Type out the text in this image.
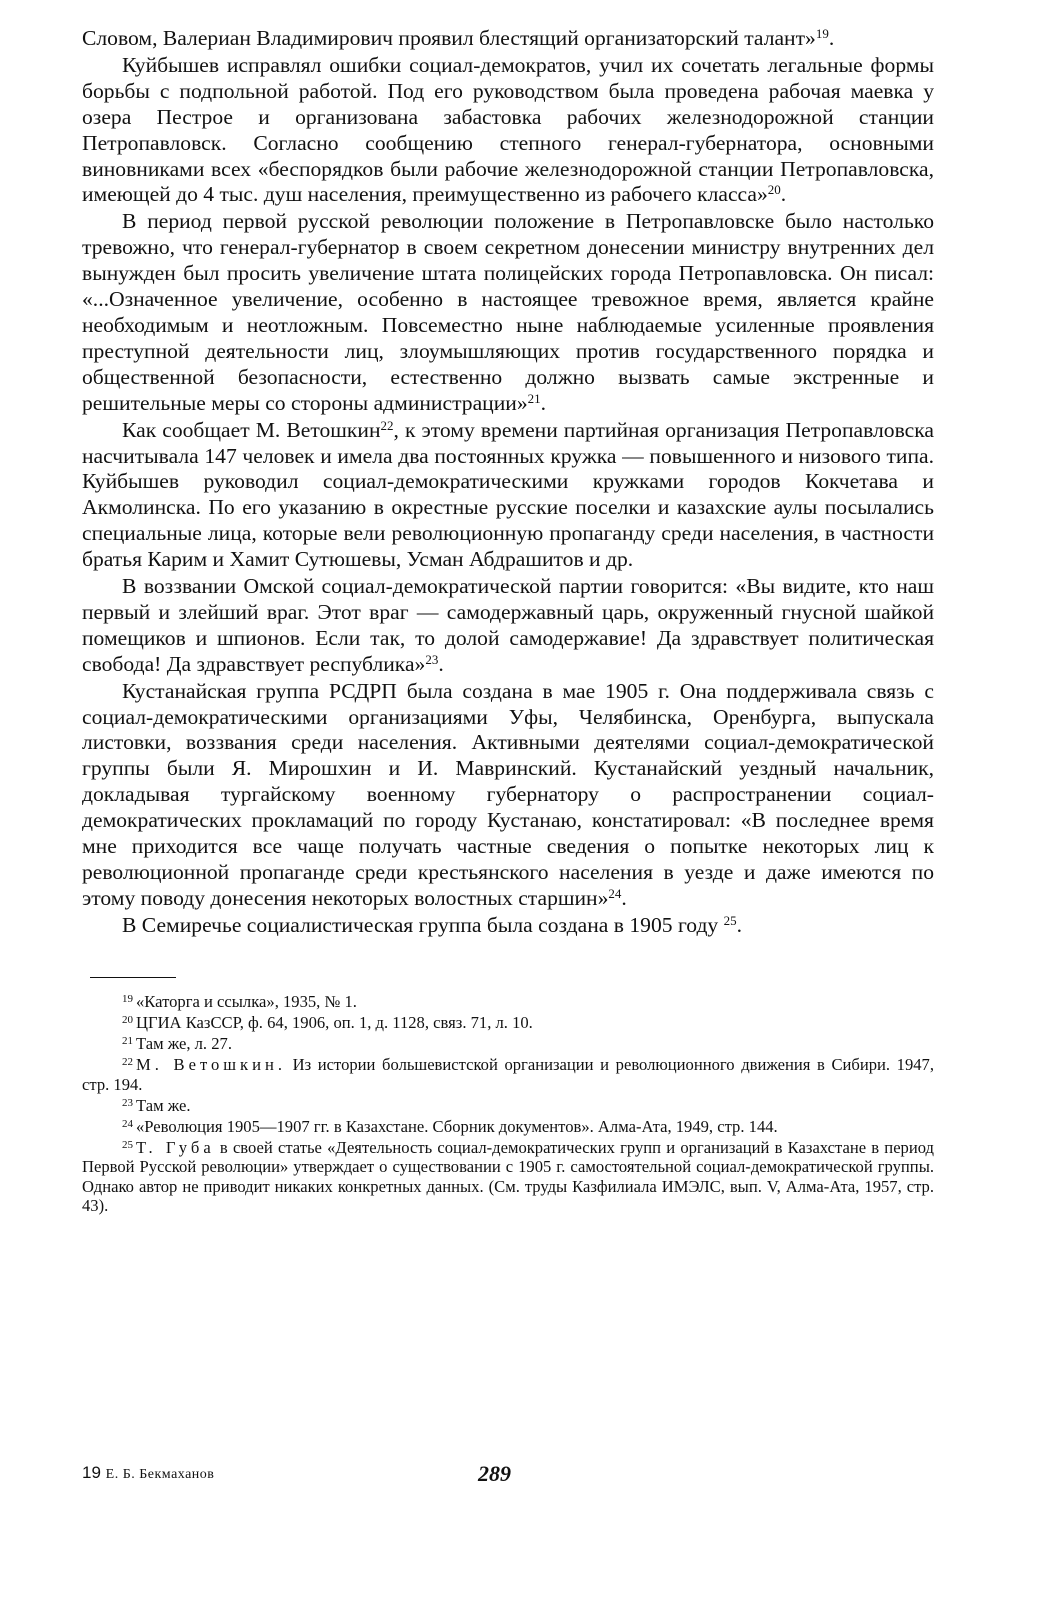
Словом, Валериан Владимирович проявил блестящий организаторский талант»$^{19}$.

Куйбышев исправлял ошибки социал-демократов, учил их сочетать легальные формы борьбы с подпольной работой. Под его руководством была проведена рабочая маевка у озера Пестрое и организована забастовка рабочих железнодорожной станции Петропавловск. Согласно сообщению степного генерал-губернатора, основными виновниками всех «беспорядков были рабочие железнодорожной станции Петропавловска, имеющей до 4 тыс. душ населения, преимущественно из рабочего класса»$^{20}$.

В период первой русской революции положение в Петропавловске было настолько тревожно, что генерал-губернатор в своем секретном донесении министру внутренних дел вынужден был просить увеличение штата полицейских города Петропавловска. Он писал: «...Означенное увеличение, особенно в настоящее тревожное время, является крайне необходимым и неотложным. Повсеместно ныне наблюдаемые усиленные проявления преступной деятельности лиц, злоумышляющих против государственного порядка и общественной безопасности, естественно должно вызвать самые экстренные и решительные меры со стороны администрации»$^{21}$.

Как сообщает М. Ветошкин$^{22}$, к этому времени партийная организация Петропавловска насчитывала 147 человек и имела два постоянных кружка — повышенного и низового типа. Куйбышев руководил социал-демократическими кружками городов Кокчетава и Акмолинска. По его указанию в окрестные русские поселки и казахские аулы посылались специальные лица, которые вели революционную пропаганду среди населения, в частности братья Карим и Хамит Сутюшевы, Усман Абдрашитов и др.

В воззвании Омской социал-демократической партии говорится: «Вы видите, кто наш первый и злейший враг. Этот враг — самодержавный царь, окруженный гнусной шайкой помещиков и шпионов. Если так, то долой самодержавие! Да здравствует политическая свобода! Да здравствует республика»$^{23}$.

Кустанайская группа РСДРП была создана в мае 1905 г. Она поддерживала связь с социал-демократическими организациями Уфы, Челябинска, Оренбурга, выпускала листовки, воззвания среди населения. Активными деятелями социал-демократической группы были Я. Мирошхин и И. Мавринский. Кустанайский уездный начальник, докладывая тургайскому военному губернатору о распространении социал-демократических прокламаций по городу Кустанаю, констатировал: «В последнее время мне приходится все чаще получать частные сведения о попытке некоторых лиц к революционной пропаганде среди крестьянского населения в уезде и даже имеются по этому поводу донесения некоторых волостных старшин»$^{24}$.

В Семиречье социалистическая группа была создана в 1905 году $^{25}$.

$^{19}$ «Каторга и ссылка», 1935, № 1.

$^{20}$ ЦГИА КазССР, ф. 64, 1906, оп. 1, д. 1128, связ. 71, л. 10.

$^{21}$ Там же, л. 27.

$^{22}$ М. Ветошкин. Из истории большевистской организации и революционного движения в Сибири. 1947, стр. 194.

$^{23}$ Там же.

$^{24}$ «Революция 1905—1907 гг. в Казахстане. Сборник документов». Алма-Ата, 1949, стр. 144.

$^{25}$ Т. Губа в своей статье «Деятельность социал-демократических групп и организаций в Казахстане в период Первой Русской революции» утверждает о существовании с 1905 г. самостоятельной социал-демократической группы. Однако автор не приводит никаких конкретных данных. (См. труды Казфилиала ИМЭЛС, вып. V, Алма-Ата, 1957, стр. 43).

19 Е. Б. Бекмаханов	289
